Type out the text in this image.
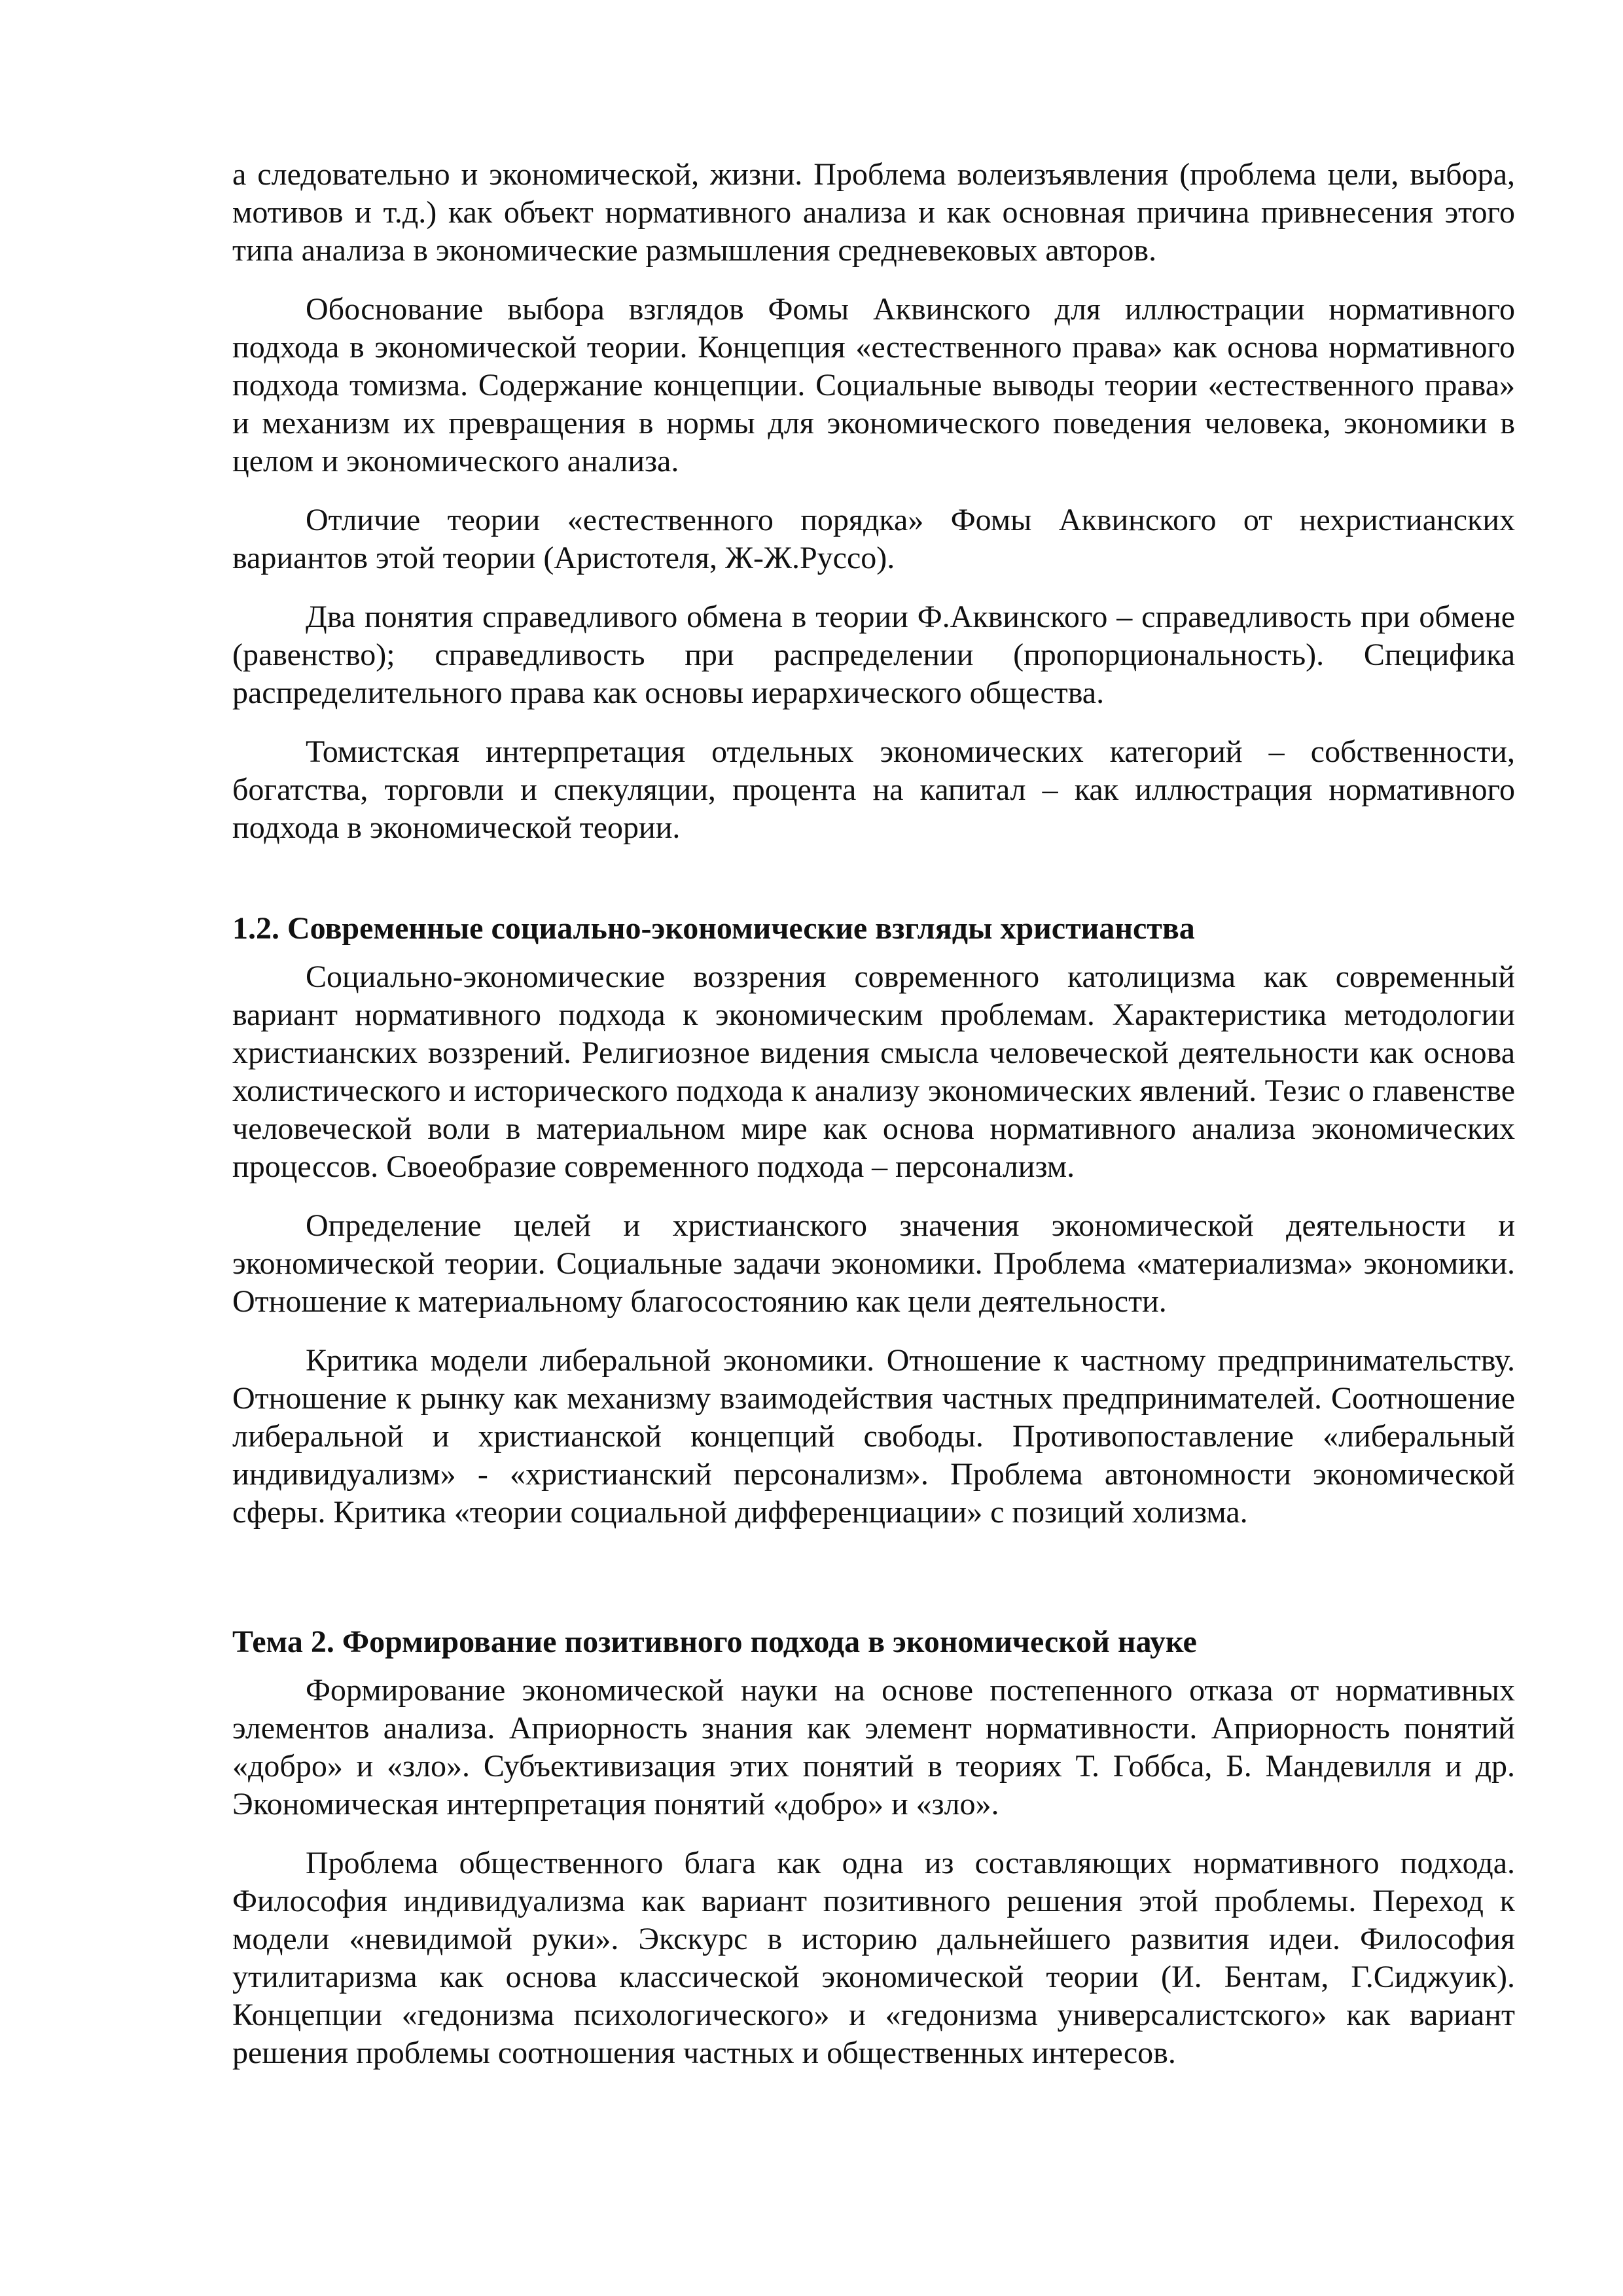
а следовательно и экономической, жизни. Проблема волеизъявления (проблема цели, выбора, мотивов и т.д.) как объект нормативного анализа и как основная причина привнесения этого типа анализа в экономические размышления средневековых авторов.

Обоснование выбора взглядов Фомы Аквинского для иллюстрации нормативного подхода в экономической теории. Концепция «естественного права» как основа нормативного подхода томизма. Содержание концепции. Социальные выводы теории «естественного права» и механизм их превращения в нормы для экономического поведения человека, экономики в целом и экономического анализа.

Отличие теории «естественного порядка» Фомы Аквинского от нехристианских вариантов этой теории (Аристотеля, Ж-Ж.Руссо).

Два понятия справедливого обмена в теории Ф.Аквинского – справедливость при обмене (равенство); справедливость при распределении (пропорциональность). Специфика распределительного права как основы иерархического общества.

Томистская интерпретация отдельных экономических категорий – собственности, богатства, торговли и спекуляции, процента на капитал – как иллюстрация нормативного подхода в экономической теории.

1.2. Современные социально-экономические взгляды христианства

Социально-экономические воззрения современного католицизма как современный вариант нормативного подхода к экономическим проблемам. Характеристика методологии христианских воззрений. Религиозное видения смысла человеческой деятельности как основа холистического и исторического подхода к анализу экономических явлений. Тезис о главенстве человеческой воли в материальном мире как основа нормативного анализа экономических процессов. Своеобразие современного подхода – персонализм.

Определение целей и христианского значения экономической деятельности и экономической теории. Социальные задачи экономики. Проблема «материализма» экономики. Отношение к материальному благосостоянию как цели деятельности.

Критика модели либеральной экономики. Отношение к частному предпринимательству. Отношение к рынку как механизму взаимодействия частных предпринимателей. Соотношение либеральной и христианской концепций свободы. Противопоставление «либеральный индивидуализм» - «христианский персонализм». Проблема автономности экономической сферы. Критика «теории социальной дифференциации» с позиций холизма.

Тема 2. Формирование позитивного подхода в экономической науке

Формирование экономической науки на основе постепенного отказа от нормативных элементов анализа. Априорность знания как элемент нормативности. Априорность понятий «добро» и «зло». Субъективизация этих понятий в теориях Т. Гоббса, Б. Мандевилля и др. Экономическая интерпретация понятий «добро» и «зло».

Проблема общественного блага как одна из составляющих нормативного подхода. Философия индивидуализма как вариант позитивного решения этой проблемы. Переход к модели «невидимой руки». Экскурс в историю дальнейшего развития идеи. Философия утилитаризма как основа классической экономической теории (И. Бентам, Г.Сиджуик). Концепции «гедонизма психологического» и «гедонизма универсалистского» как вариант решения проблемы соотношения частных и общественных интересов.
